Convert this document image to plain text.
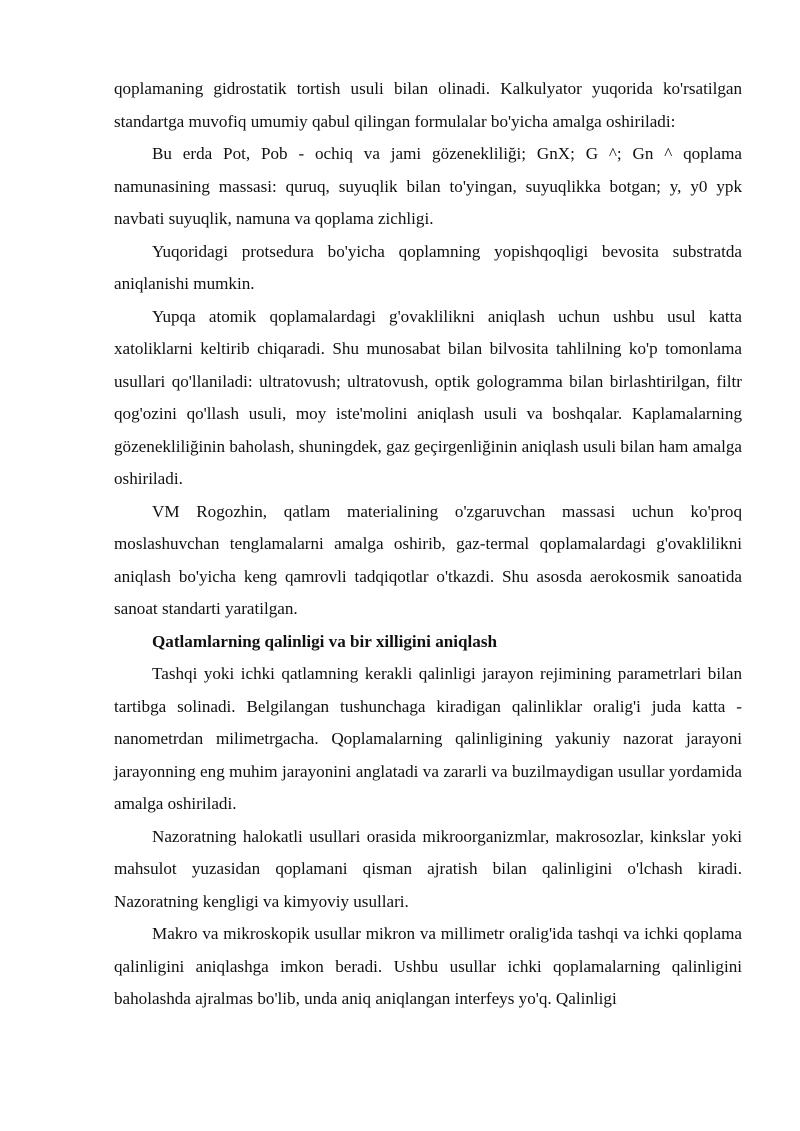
qoplamaning gidrostatik tortish usuli bilan olinadi. Kalkulyator yuqorida ko'rsatilgan standartga muvofiq umumiy qabul qilingan formulalar bo'yicha amalga oshiriladi:

Bu erda Pot, Pob - ochiq va jami gözenekliliği; GnX; G ^; Gn ^ qoplama namunasining massasi: quruq, suyuqlik bilan to'yingan, suyuqlikka botgan; y, y0 ypk navbati suyuqlik, namuna va qoplama zichligi.

Yuqoridagi protsedura bo'yicha qoplamning yopishqoqligi bevosita substratda aniqlanishi mumkin.

Yupqa atomik qoplamalardagi g'ovaklilikni aniqlash uchun ushbu usul katta xatoliklarni keltirib chiqaradi. Shu munosabat bilan bilvosita tahlilning ko'p tomonlama usullari qo'llaniladi: ultratovush; ultratovush, optik gologramma bilan birlashtirilgan, filtr qog'ozini qo'llash usuli, moy iste'molini aniqlash usuli va boshqalar. Kaplamalarning gözenekliliğinin baholash, shuningdek, gaz geçirgenliğinin aniqlash usuli bilan ham amalga oshiriladi.

VM Rogozhin, qatlam materialining o'zgaruvchan massasi uchun ko'proq moslashuvchan tenglamalarni amalga oshirib, gaz-termal qoplamalardagi g'ovaklilikni aniqlash bo'yicha keng qamrovli tadqiqotlar o'tkazdi. Shu asosda aerokosmik sanoatida sanoat standarti yaratilgan.

Qatlamlarning qalinligi va bir xilligini aniqlash

Tashqi yoki ichki qatlamning kerakli qalinligi jarayon rejimining parametrlari bilan tartibga solinadi. Belgilangan tushunchaga kiradigan qalinliklar oralig'i juda katta - nanometrdan milimetrgacha. Qoplamalarning qalinligining yakuniy nazorat jarayoni jarayonning eng muhim jarayonini anglatadi va zararli va buzilmaydigan usullar yordamida amalga oshiriladi.

Nazoratning halokatli usullari orasida mikroorganizmlar, makrosozlar, kinkslar yoki mahsulot yuzasidan qoplamani qisman ajratish bilan qalinligini o'lchash kiradi. Nazoratning kengligi va kimyoviy usullari.

Makro va mikroskopik usullar mikron va millimetr oralig'ida tashqi va ichki qoplama qalinligini aniqlashga imkon beradi. Ushbu usullar ichki qoplamalarning qalinligini baholashda ajralmas bo'lib, unda aniq aniqlangan interfeys yo'q. Qalinligi
